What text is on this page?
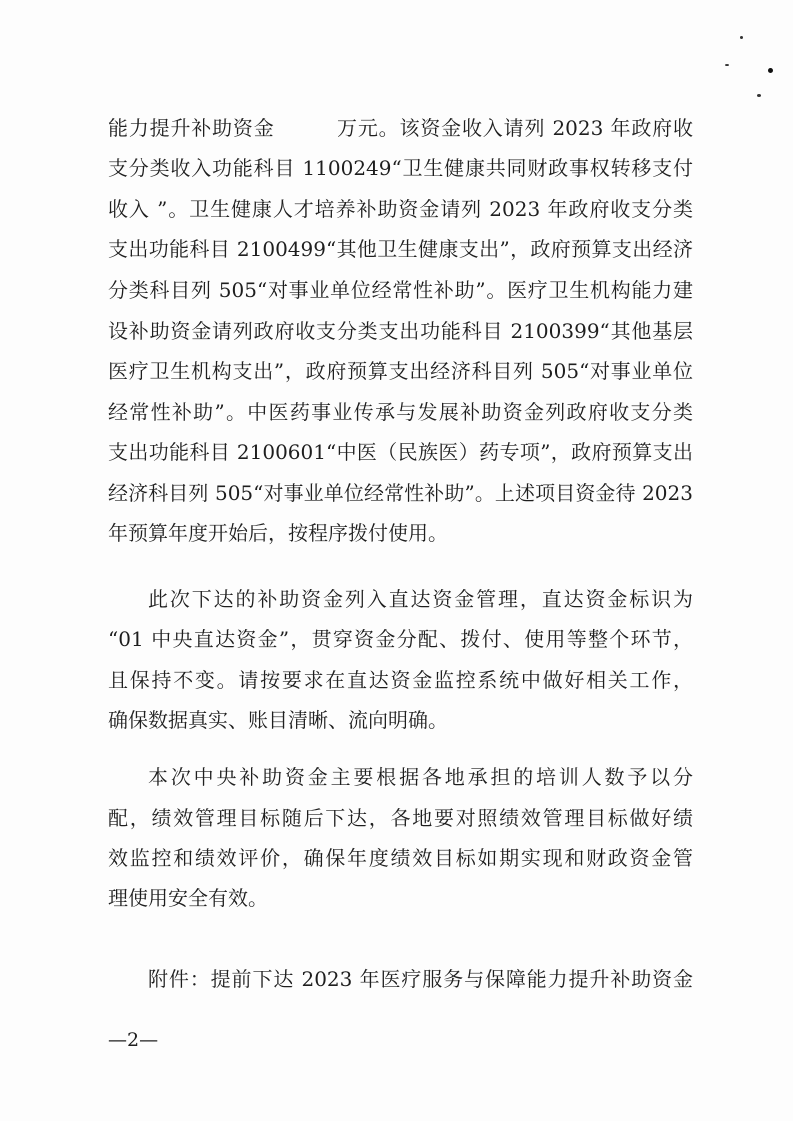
能力提升补助资金　　　万元。该资金收入请列 2023 年政府收
支分类收入功能科目 1100249“卫生健康共同财政事权转移支付
收入 ”。卫生健康人才培养补助资金请列 2023 年政府收支分类
支出功能科目 2100499“其他卫生健康支出”，政府预算支出经济
分类科目列 505“对事业单位经常性补助”。医疗卫生机构能力建
设补助资金请列政府收支分类支出功能科目 2100399“其他基层
医疗卫生机构支出”，政府预算支出经济科目列 505“对事业单位
经常性补助”。中医药事业传承与发展补助资金列政府收支分类
支出功能科目 2100601“中医（民族医）药专项”，政府预算支出
经济科目列 505“对事业单位经常性补助”。上述项目资金待 2023
年预算年度开始后，按程序拨付使用。
此次下达的补助资金列入直达资金管理，直达资金标识为
“01 中央直达资金”，贯穿资金分配、拨付、使用等整个环节，
且保持不变。请按要求在直达资金监控系统中做好相关工作，
确保数据真实、账目清晰、流向明确。
本次中央补助资金主要根据各地承担的培训人数予以分
配，绩效管理目标随后下达，各地要对照绩效管理目标做好绩
效监控和绩效评价，确保年度绩效目标如期实现和财政资金管
理使用安全有效。
附件：提前下达 2023 年医疗服务与保障能力提升补助资金
—2—
